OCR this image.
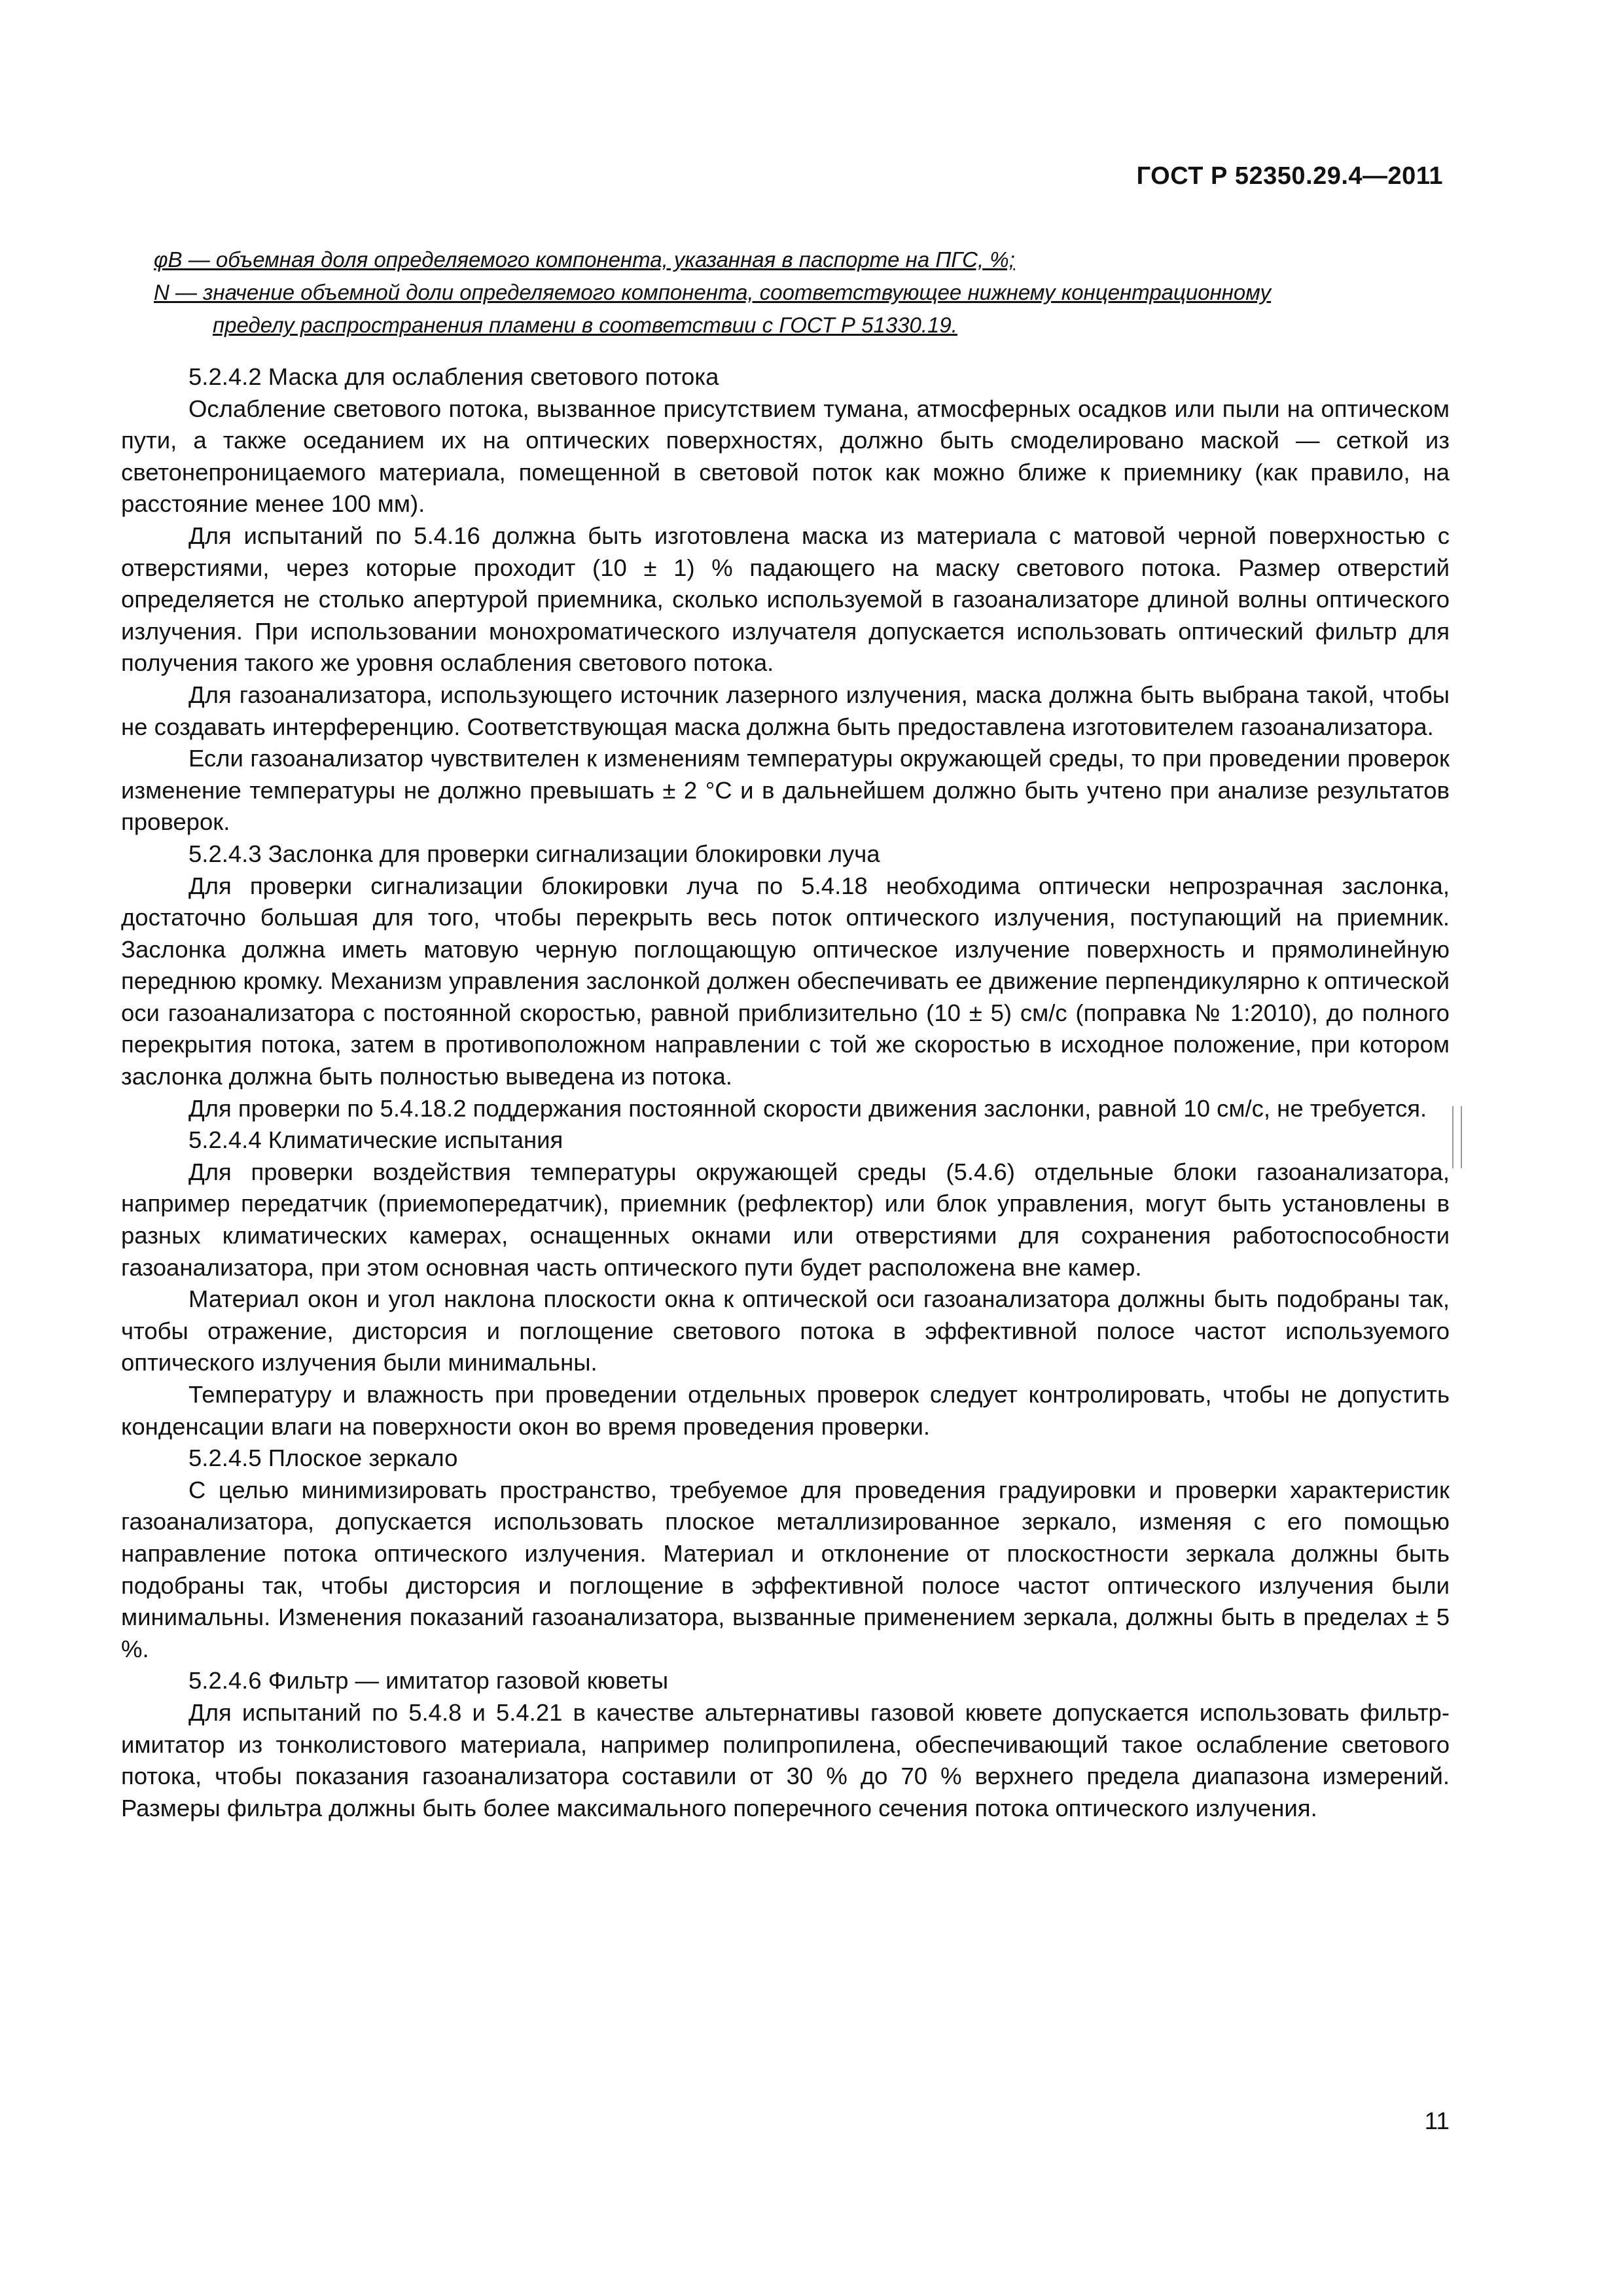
ГОСТ Р 52350.29.4—2011
φB — объемная доля определяемого компонента, указанная в паспорте на ПГС, %;
N — значение объемной доли определяемого компонента, соответствующее нижнему концентрационному
пределу распространения пламени в соответствии с ГОСТ Р 51330.19.

5.2.4.2 Маска для ослабления светового потока

Ослабление светового потока, вызванное присутствием тумана, атмосферных осадков или пыли на оптическом пути, а также оседанием их на оптических поверхностях, должно быть смоделировано маской — сеткой из светонепроницаемого материала, помещенной в световой поток как можно ближе к приемнику (как правило, на расстояние менее 100 мм).

Для испытаний по 5.4.16 должна быть изготовлена маска из материала с матовой черной поверхностью с отверстиями, через которые проходит (10 ± 1) % падающего на маску светового потока. Размер отверстий определяется не столько апертурой приемника, сколько используемой в газоанализаторе длиной волны оптического излучения. При использовании монохроматического излучателя допускается использовать оптический фильтр для получения такого же уровня ослабления светового потока.

Для газоанализатора, использующего источник лазерного излучения, маска должна быть выбрана такой, чтобы не создавать интерференцию. Соответствующая маска должна быть предоставлена изготовителем газоанализатора.

Если газоанализатор чувствителен к изменениям температуры окружающей среды, то при проведении проверок изменение температуры не должно превышать ± 2 °С и в дальнейшем должно быть учтено при анализе результатов проверок.

5.2.4.3 Заслонка для проверки сигнализации блокировки луча

Для проверки сигнализации блокировки луча по 5.4.18 необходима оптически непрозрачная заслонка, достаточно большая для того, чтобы перекрыть весь поток оптического излучения, поступающий на приемник. Заслонка должна иметь матовую черную поглощающую оптическое излучение поверхность и прямолинейную переднюю кромку. Механизм управления заслонкой должен обеспечивать ее движение перпендикулярно к оптической оси газоанализатора с постоянной скоростью, равной приблизительно (10 ± 5) см/с (поправка № 1:2010), до полного перекрытия потока, затем в противоположном направлении с той же скоростью в исходное положение, при котором заслонка должна быть полностью выведена из потока.

Для проверки по 5.4.18.2 поддержания постоянной скорости движения заслонки, равной 10 см/с, не требуется.

5.2.4.4 Климатические испытания

Для проверки воздействия температуры окружающей среды (5.4.6) отдельные блоки газоанализатора, например передатчик (приемопередатчик), приемник (рефлектор) или блок управления, могут быть установлены в разных климатических камерах, оснащенных окнами или отверстиями для сохранения работоспособности газоанализатора, при этом основная часть оптического пути будет расположена вне камер.

Материал окон и угол наклона плоскости окна к оптической оси газоанализатора должны быть подобраны так, чтобы отражение, дисторсия и поглощение светового потока в эффективной полосе частот используемого оптического излучения были минимальны.

Температуру и влажность при проведении отдельных проверок следует контролировать, чтобы не допустить конденсации влаги на поверхности окон во время проведения проверки.

5.2.4.5 Плоское зеркало

С целью минимизировать пространство, требуемое для проведения градуировки и проверки характеристик газоанализатора, допускается использовать плоское металлизированное зеркало, изменяя с его помощью направление потока оптического излучения. Материал и отклонение от плоскостности зеркала должны быть подобраны так, чтобы дисторсия и поглощение в эффективной полосе частот оптического излучения были минимальны. Изменения показаний газоанализатора, вызванные применением зеркала, должны быть в пределах ± 5 %.

5.2.4.6 Фильтр — имитатор газовой кюветы

Для испытаний по 5.4.8 и 5.4.21 в качестве альтернативы газовой кювете допускается использовать фильтр-имитатор из тонколистового материала, например полипропилена, обеспечивающий такое ослабление светового потока, чтобы показания газоанализатора составили от 30 % до 70 % верхнего предела диапазона измерений. Размеры фильтра должны быть более максимального поперечного сечения потока оптического излучения.

11
